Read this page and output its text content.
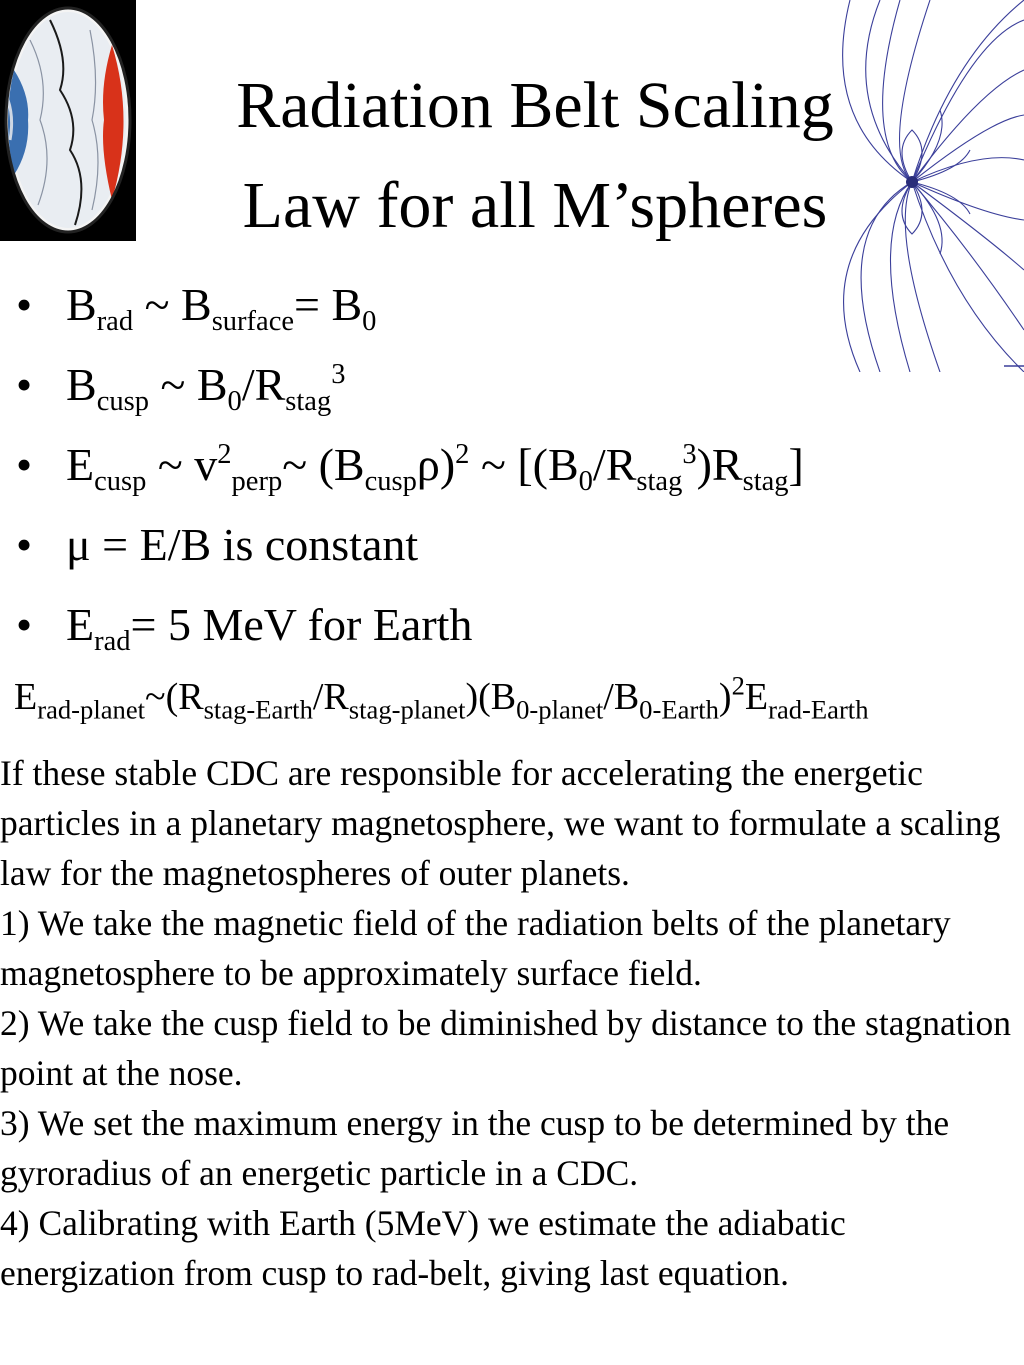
Radiation Belt Scaling
Law for all M’spheres
• $B_{rad}$ ~ $B_{surface}= B_0$
• $B_{cusp}$ ~ $B_0/R_{stag}^3$
• $E_{cusp}$ ~ $v^2_{perp}\sim$ $(B_{cusp}\rho)^2$ ~ $[(B_0/R_{stag}^3)R_{stag}]$
• μ = E/B is constant
• $E_{rad}= 5$ MeV for Earth
$E_{rad-planet}\sim(R_{stag-Earth}/R_{stag-planet})(B_{0-planet}/B_{0-Earth})^2E_{rad-Earth}$

If these stable CDC are responsible for accelerating the energetic particles in a planetary magnetosphere, we want to formulate a scaling law for the magnetospheres of outer planets.

1) We take the magnetic field of the radiation belts of the planetary magnetosphere to be approximately surface field.

2) We take the cusp field to be diminished by distance to the stagnation point at the nose.

3) We set the maximum energy in the cusp to be determined by the gyroradius of an energetic particle in a CDC.

4) Calibrating with Earth (5MeV) we estimate the adiabatic energization from cusp to rad-belt, giving last equation.
